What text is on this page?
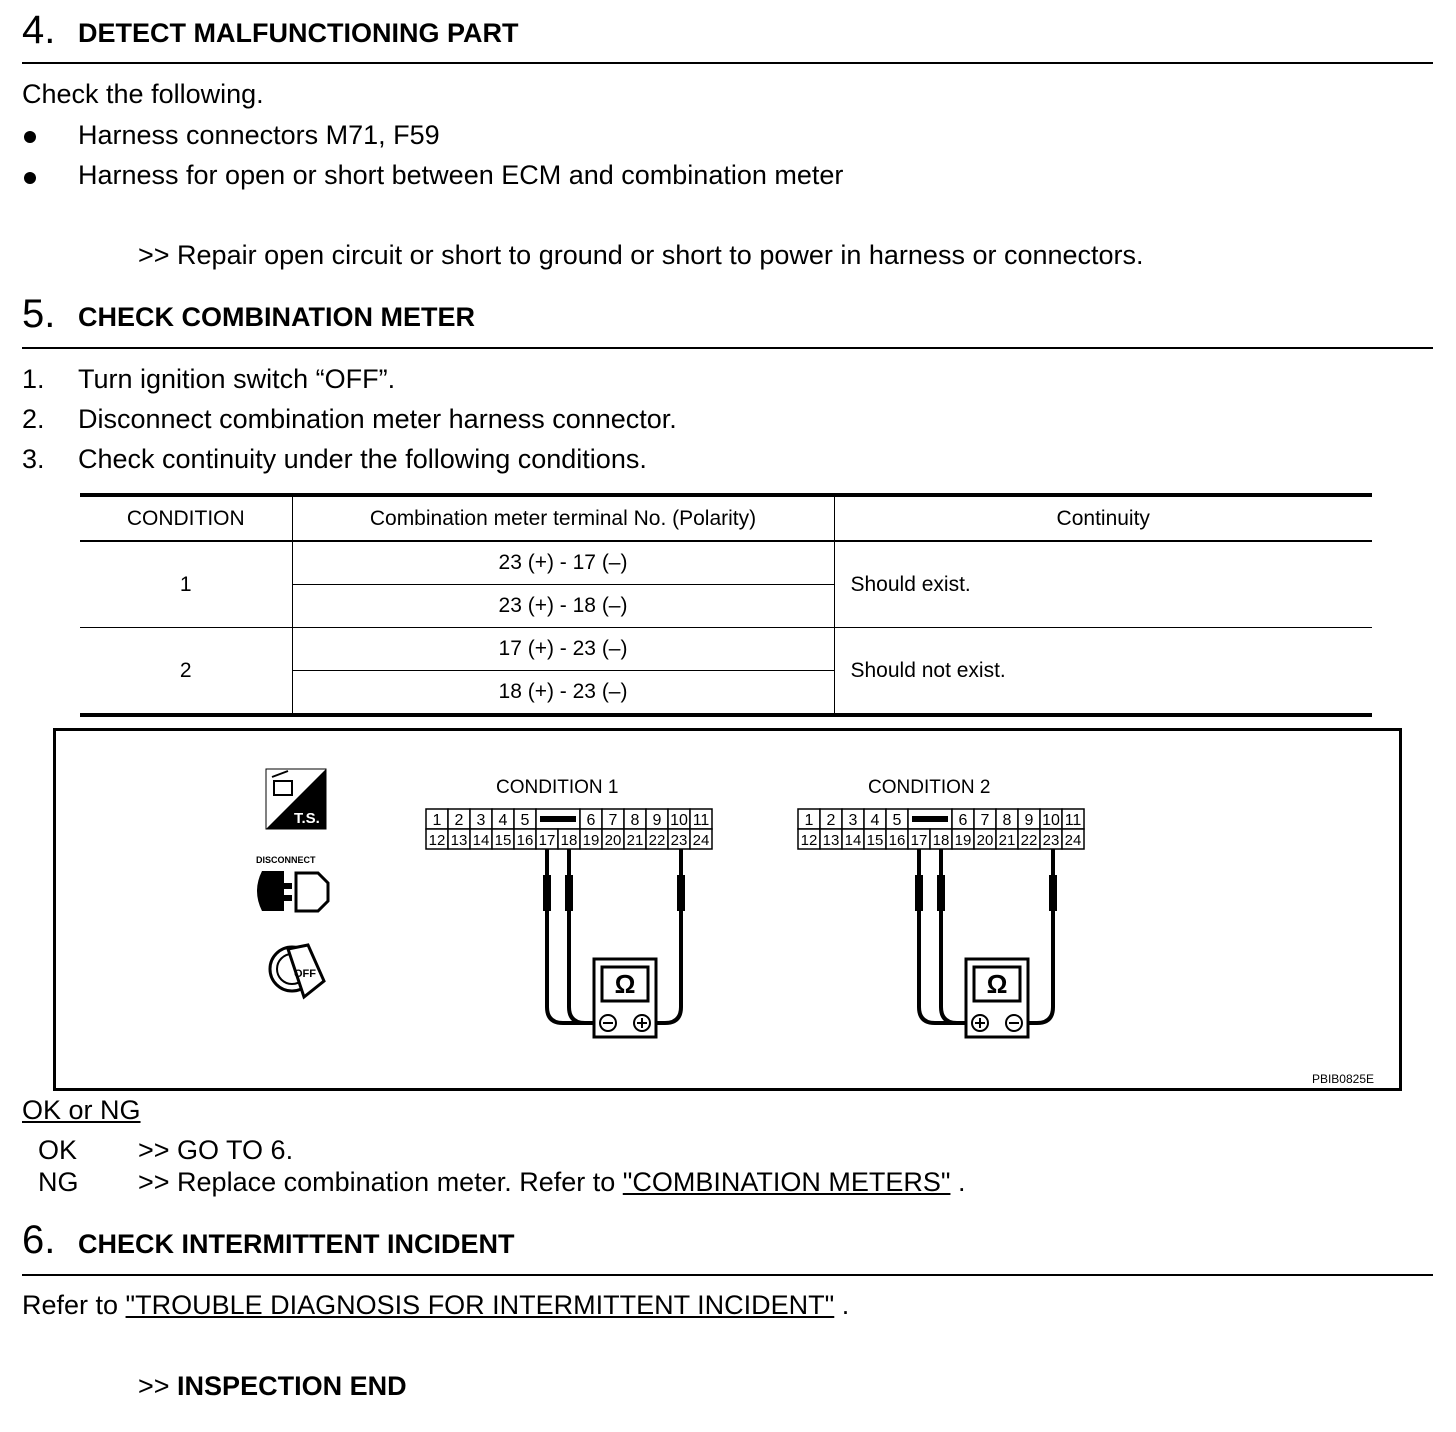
4. DETECT MALFUNCTIONING PART
Check the following.
Harness connectors M71, F59
Harness for open or short between ECM and combination meter
>> Repair open circuit or short to ground or short to power in harness or connectors.
5. CHECK COMBINATION METER
1. Turn ignition switch “OFF”.
2. Disconnect combination meter harness connector.
3. Check continuity under the following conditions.
CONDITION	Combination meter terminal No. (Polarity)	Continuity
1	23 (+) - 17 (–)	Should exist.
	23 (+) - 18 (–)	
2	17 (+) - 23 (–)	Should not exist.
	18 (+) - 23 (–)	
T.S.
DISCONNECT
OFF
CONDITION 1	CONDITION 2
1 2 3 4 5	6 7 8 9 10 11
12 13 14 15 16 17 18 19 20 21 22 23 24
1 2 3 4 5	6 7 8 9 10 11
12 13 14 15 16 17 18 19 20 21 22 23 24
Ω	Ω
PBIB0825E
OK or NG
OK >> GO TO 6.
NG >> Replace combination meter. Refer to "COMBINATION METERS" .
6. CHECK INTERMITTENT INCIDENT
Refer to "TROUBLE DIAGNOSIS FOR INTERMITTENT INCIDENT" .
>> INSPECTION END
